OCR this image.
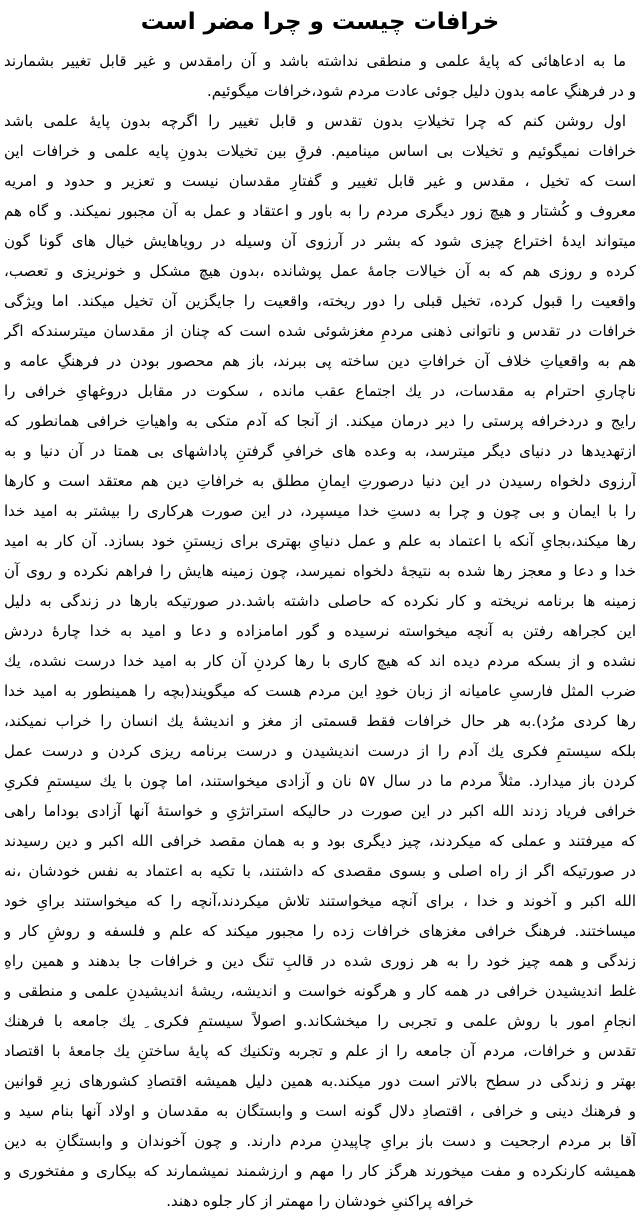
خرافات چیست و چرا مضر است
ما به ادعاهائی که پایهٔ علمی و منطقی نداشته باشد و آن رامقدس و غیر قابل تغییر بشمارند
و در فرهنگِ عامه بدون دلیل جوئی عادت مردم شود،خرافات میگوئیم.
اول روشن کنم که چرا تخیلاتِ بدون تقدس و قابل تغییر را اگرچه بدون پایهٔ علمی باشد
خرافات نمیگوئیم و تخیلات بی اساس مینامیم. فرقِ بین تخیلات بدونِ پایه علمی و خرافات این
است که تخیل ، مقدس و غیر قابل تغییر و گفتارِ مقدسان نیست و تعزیر و حدود و امریه
معروف و کُشتار و هیچ زور دیگری مردم را به باور و اعتقاد و عمل به آن مجبور نمیکند. و گاه هم
میتواند ایدهٔ اختراع چیزی شود که بشر در آرزوی آن وسیله در رویاهایش خیال های گونا گون
کرده و روزی هم که به آن خیالات جامهٔ عمل پوشانده ،بدون هیچ مشکل و خونریزی و تعصب،
واقعیت را قبول کرده، تخیل قبلی را دور ریخته، واقعیت را جایگزین آن تخیل میکند. اما ویژگی
خرافات در تقدس و ناتوانی ذهنی مردمِ مغزشوئی شده است که چنان از مقدسان میترسندکه اگر
هم به واقعیاتِ خلاف آن خرافاتِ دین ساخته پی ببرند، باز هم محصور بودن در فرهنگِ عامه و
ناچاریِ احترام به مقدسات، در یك اجتماع عقب مانده ، سکوت در مقابل دروغهایِ خرافی را
رایج و دردخرافه پرستی را دیر درمان میکند. از آنجا که آدم متکی به واهیاتِ خرافی همانطور که
ازتهدیدها در دنیای دیگر میترسد، به وعده های خرافیِ گرفتنِ پاداشهای بی همتا در آن دنیا و به
آرزوی دلخواه رسیدن در این دنیا درصورتِ ایمانِ مطلق به خرافاتِ دین هم معتقد است و کارها
را با ایمان و بی چون و چرا به دستِ خدا میسپرد، در این صورت هرکاری را بیشتر به امید خدا
رها میکند،بجایِ آنکه با اعتماد به علم و عمل دنیایِ بهتری برای زیستنِ خود بسازد. آن کار به امید
خدا و دعا و معجز رها شده به نتیجهٔ دلخواه نمیرسد، چون زمینه هایش را فراهم نکرده و روی آن
زمینه ها برنامه نریخته و کار نکرده که حاصلی داشته باشد.در صورتیکه بارها در زندگی به دلیل
این کجراهه رفتن به آنچه میخواسته نرسیده و گور امامزاده و دعا و امید به خدا چارهٔ دردش
نشده و از بسکه مردم دیده اند که هیچ کاری با رها کردنِ آن کار به امید خدا درست نشده، یك
ضرب المثل فارسیِ عامیانه از زبان خودِ این مردم هست که میگویند(بچه را همینطور به امید خدا
رها کردی مرُد).به هر حال خرافات فقط قسمتی از مغز و اندیشهٔ یك انسان را خراب نمیکند،
بلکه سیستمِ فکری یك آدم را از درست اندیشیدن و درست برنامه ریزی کردن و درست عمل
کردن باز میدارد. مثلاً مردم ما در سال ۵۷ نان و آزادی میخواستند، اما چون با یك سیستمِ فکریِ
خرافی فریاد زدند الله اکبر در این صورت در حالیکه استراتژیِ و خواستهٔ آنها آزادی بوداما راهی
که میرفتند و عملی که میکردند، چیز دیگری بود و به همان مقصد خرافی الله اکبر و دین رسیدند
در صورتیکه اگر از راه اصلی و بسوی مقصدی که داشتند، با تکیه به اعتماد به نفس خودشان ،نه
الله اکبر و آخوند و خدا ، برای آنچه میخواستند تلاش میکردند،آنچه را که میخواستند برایِ خود
میساختند. فرهنگ خرافی مغزهای خرافات زده را مجبور میکند که علم و فلسفه و روشِ کار و
زندگی و همه چیز خود را به هر زوری شده در قالبِ تنگ دین و خرافات جا بدهند و همین راهِ
غلط اندیشیدن خرافی در همه کار و هرگونه خواست و اندیشه، ریشهٔ اندیشیدنِ علمی و منطقی و
انجامِ امور با روش علمی و تجربی را میخشکاند.و اصولاً سیستمِ فکری ِ یك جامعه با فرهنك
تقدس و خرافات، مردم آن جامعه را از علم و تجربه وتکنیك که پایهٔ ساختنِ یك جامعهٔ با اقتصاد
بهتر و زندگی در سطح بالاتر است دور میکند.به همین دلیل همیشه اقتصادِ کشورهای زیرِ قوانین
و فرهنك دینی و خرافی ، اقتصادِ دلال گونه است و وابستگان به مقدسان و اولاد آنها بنام سید و
آقا بر مردم ارجحیت و دست باز برایِ چاپیدنِ مردم دارند. و چون آخوندان و وابستگانِ به دین
همیشه کارنکرده و مفت میخورند هرگز کار را مهم و ارزشمند نمیشمارند که بیکاری و مفتخوری و
خرافه پراکنیِ خودشان را مهمتر از کار جلوه دهند.
